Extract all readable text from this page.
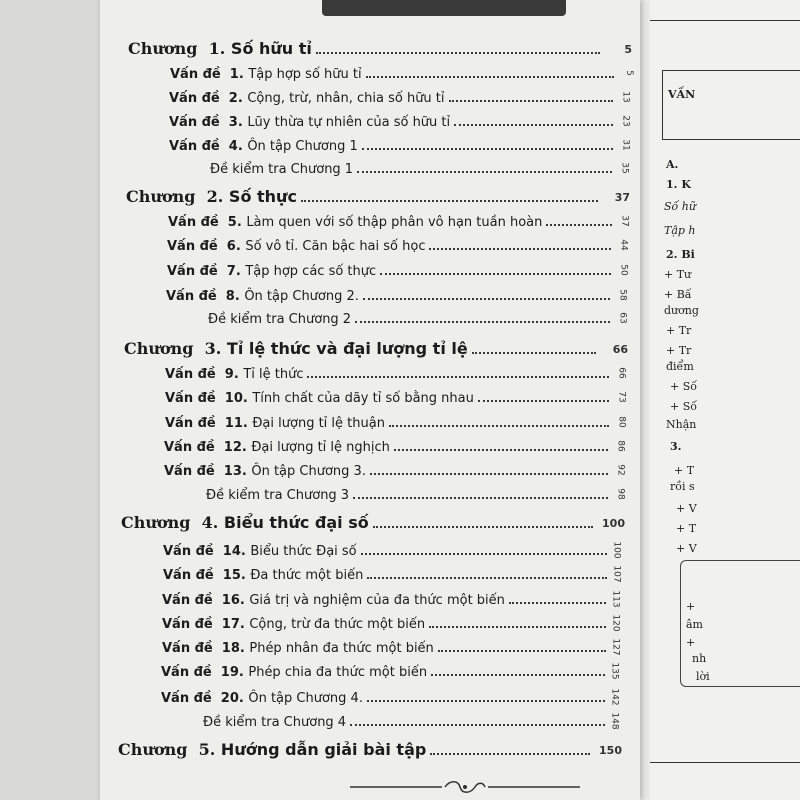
Chương  1. Số hữu tỉ	5
Vấn đề  1. Tập hợp số hữu tỉ	5
Vấn đề  2. Cộng, trừ, nhân, chia số hữu tỉ	13
Vấn đề  3. Lũy thừa tự nhiên của số hữu tỉ	23
Vấn đề  4. Ôn tập Chương 1	31
Đề kiểm tra Chương 1	35
Chương  2. Số thực	37
Vấn đề  5. Làm quen với số thập phân vô hạn tuần hoàn	37
Vấn đề  6. Số vô tỉ. Căn bậc hai số học	44
Vấn đề  7. Tập hợp các số thực	50
Vấn đề  8. Ôn tập Chương 2.	58
Đề kiểm tra Chương 2	63
Chương  3. Tỉ lệ thức và đại lượng tỉ lệ	66
Vấn đề  9. Tỉ lệ thức	66
Vấn đề  10. Tính chất của dãy tỉ số bằng nhau	73
Vấn đề  11. Đại lượng tỉ lệ thuận	80
Vấn đề  12. Đại lượng tỉ lệ nghịch	86
Vấn đề  13. Ôn tập Chương 3.	92
Đề kiểm tra Chương 3	98
Chương  4. Biểu thức đại số	100
Vấn đề  14. Biểu thức Đại số	100
Vấn đề  15. Đa thức một biến	107
Vấn đề  16. Giá trị và nghiệm của đa thức một biến	113
Vấn đề  17. Cộng, trừ đa thức một biến	120
Vấn đề  18. Phép nhân đa thức một biến	127
Vấn đề  19. Phép chia đa thức một biến	135
Vấn đề  20. Ôn tập Chương 4.	142
Đề kiểm tra Chương 4	148
Chương  5. Hướng dẫn giải bài tập	150
VẤN
A.
1. K
Số hữ
Tập h
2. Bi
+ Tư
+ Bấ
dương
+ Tr
+ Tr
điểm
+ Số
+ Số
Nhận
3.
+ T
rồi s
+ V
+ T
+ V
+
âm
+
nh
lời
